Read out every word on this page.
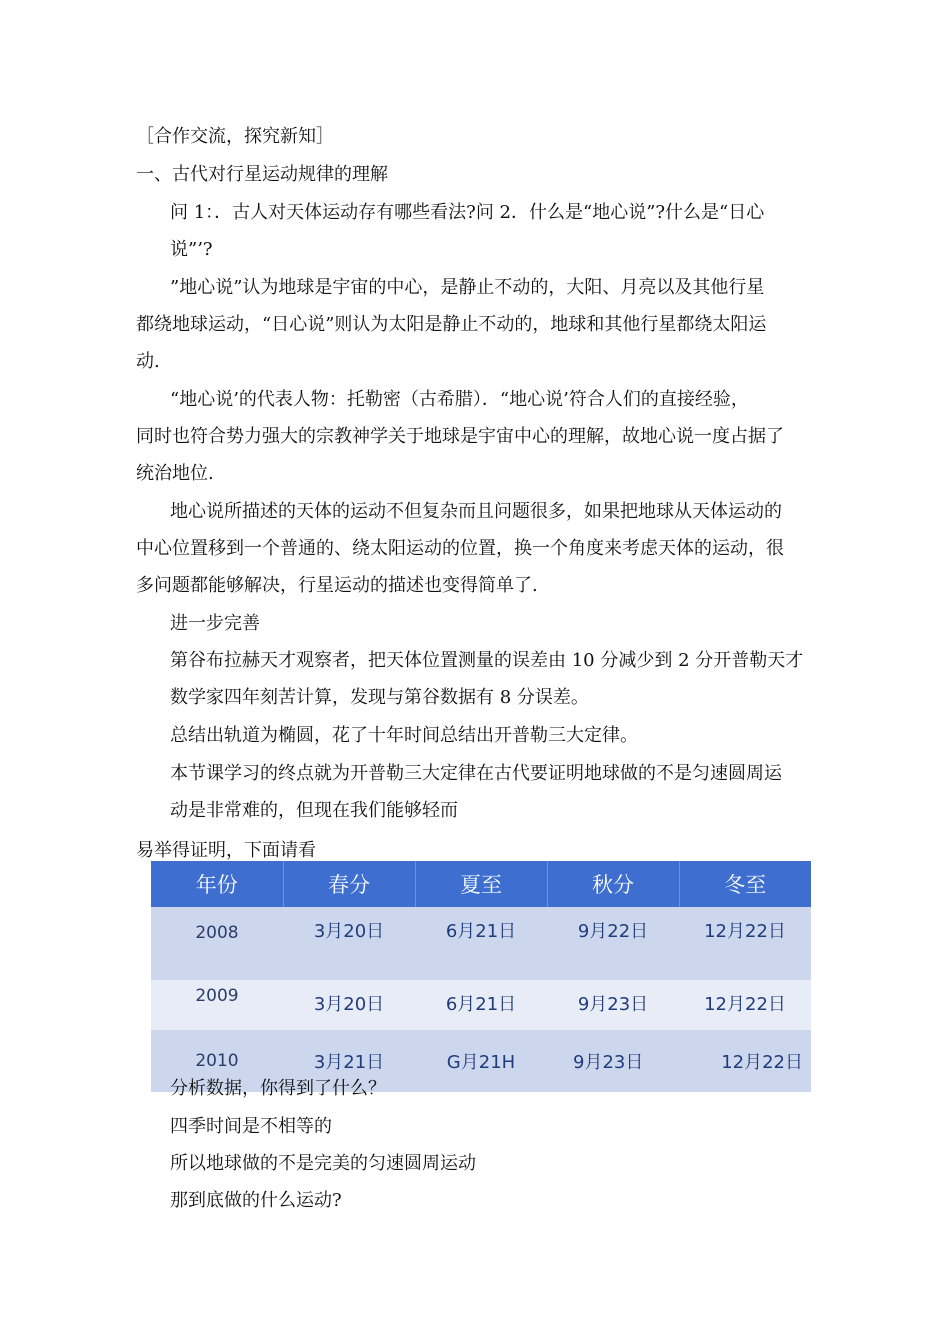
［合作交流，探究新知］

一、古代对行星运动规律的理解

问 1：．古人对天体运动存有哪些看法?问 2．什么是“地心说”?什么是“日心

说”’?

”地心说”认为地球是宇宙的中心，是静止不动的，大阳、月亮以及其他行星

都绕地球运动，“日心说”则认为太阳是静止不动的，地球和其他行星都绕太阳运

动.

“地心说’的代表人物：托勒密（古希腊）．“地心说’符合人们的直接经验，

同时也符合势力强大的宗教神学关于地球是宇宙中心的理解，故地心说一度占据了

统治地位.

地心说所描述的天体的运动不但复杂而且问题很多，如果把地球从天体运动的

中心位置移到一个普通的、绕太阳运动的位置，换一个角度来考虑天体的运动，很

多问题都能够解决，行星运动的描述也变得简单了.

进一步完善

第谷布拉赫天才观察者，把天体位置测量的误差由 10 分减少到 2 分开普勒天才

数学家四年刻苦计算，发现与第谷数据有 8 分误差。

总结出轨道为椭圆，花了十年时间总结出开普勒三大定律。

本节课学习的终点就为开普勒三大定律在古代要证明地球做的不是匀速圆周运

动是非常难的，但现在我们能够轻而

易举得证明，下面请看

年份	春分	夏至	秋分	冬至
2008	3月20日	6月21日	9月22日	12月22日
2009	3月20日	6月21日	9月23日	12月22日
2010	3月21日	G月21H	9月23日	12月22日

分析数据，你得到了什么？

四季时间是不相等的

所以地球做的不是完美的匀速圆周运动

那到底做的什么运动?
